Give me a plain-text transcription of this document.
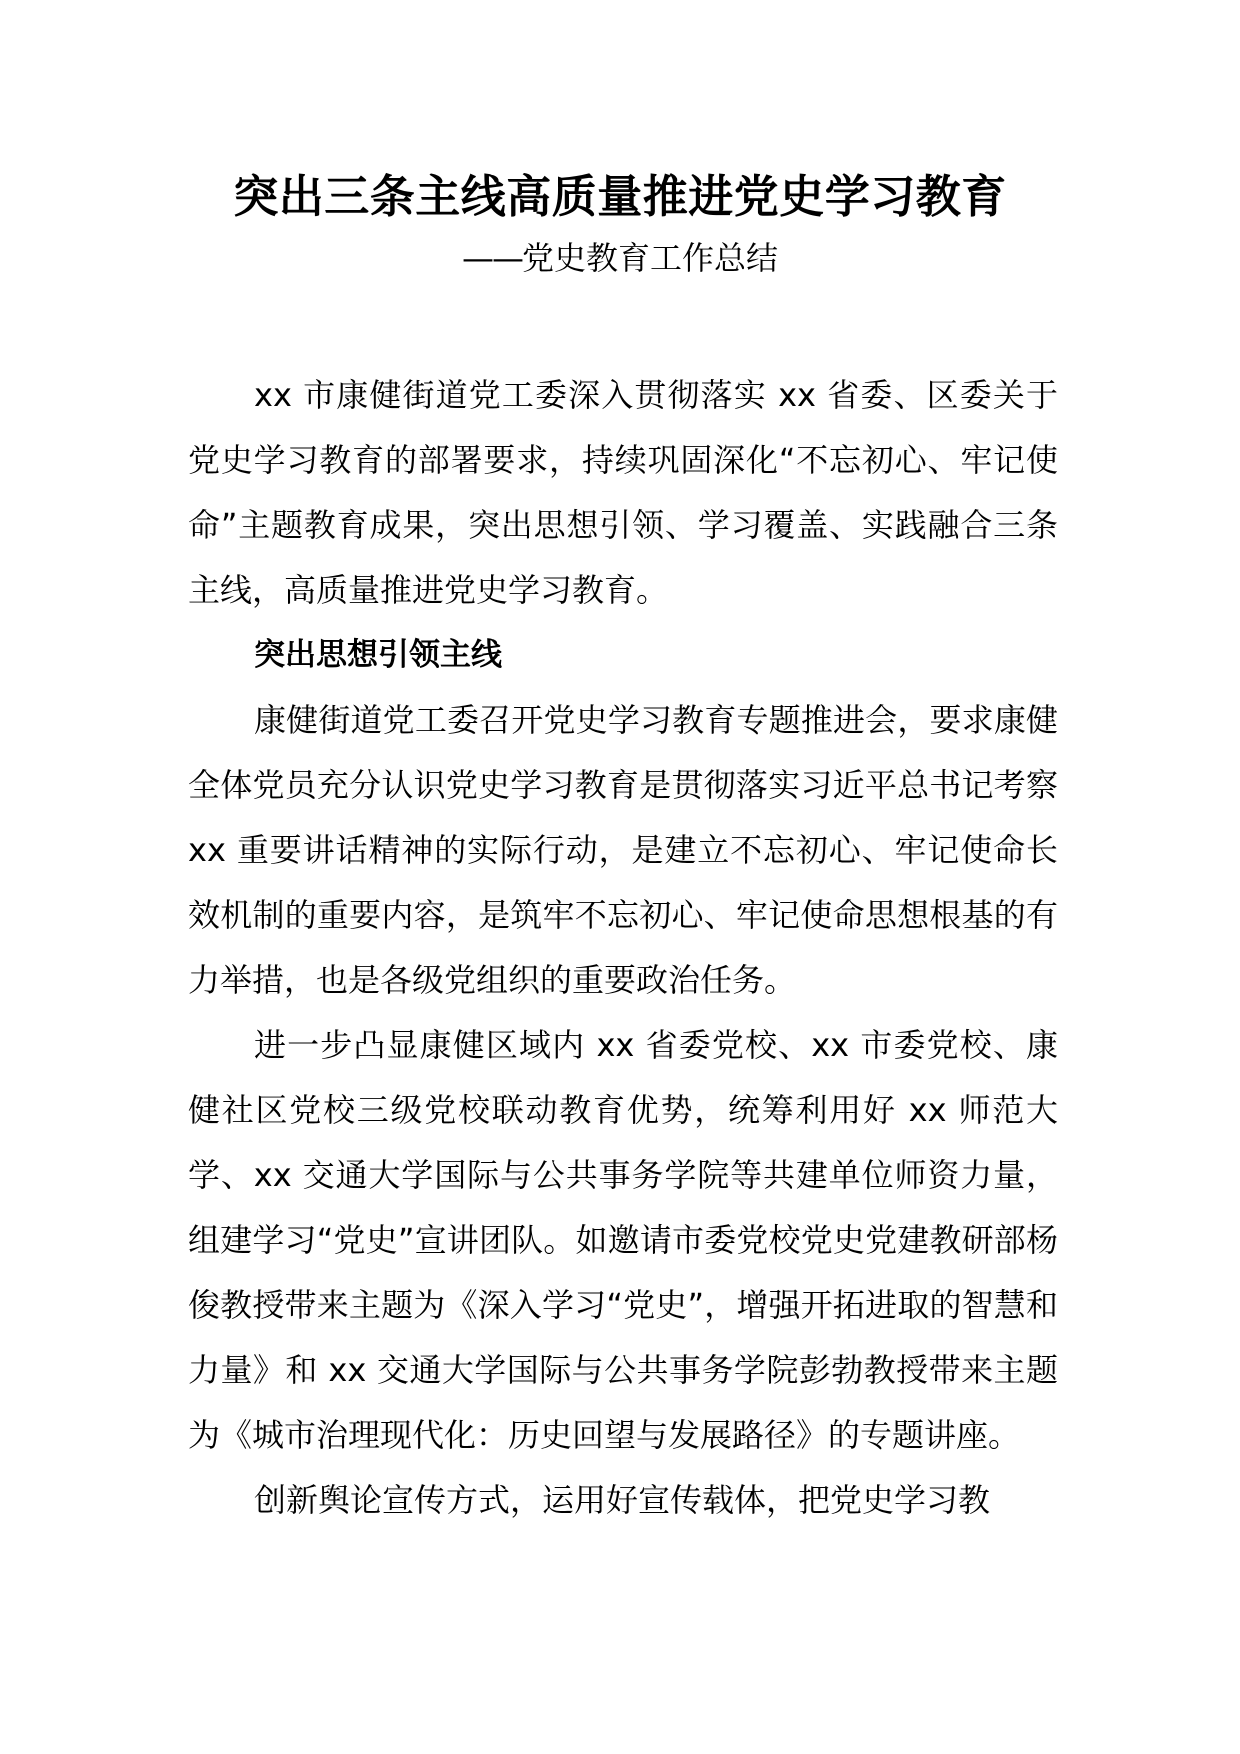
突出三条主线高质量推进党史学习教育
——党史教育工作总结

xx 市康健街道党工委深入贯彻落实 xx 省委、区委关于党史学习教育的部署要求，持续巩固深化“不忘初心、牢记使命”主题教育成果，突出思想引领、学习覆盖、实践融合三条主线，高质量推进党史学习教育。

突出思想引领主线

康健街道党工委召开党史学习教育专题推进会，要求康健全体党员充分认识党史学习教育是贯彻落实习近平总书记考察 xx 重要讲话精神的实际行动，是建立不忘初心、牢记使命长效机制的重要内容，是筑牢不忘初心、牢记使命思想根基的有力举措，也是各级党组织的重要政治任务。

进一步凸显康健区域内 xx 省委党校、xx 市委党校、康健社区党校三级党校联动教育优势，统筹利用好 xx 师范大学、xx 交通大学国际与公共事务学院等共建单位师资力量，组建学习“党史”宣讲团队。如邀请市委党校党史党建教研部杨俊教授带来主题为《深入学习“党史”，增强开拓进取的智慧和力量》和 xx 交通大学国际与公共事务学院彭勃教授带来主题为《城市治理现代化：历史回望与发展路径》的专题讲座。

创新舆论宣传方式，运用好宣传载体，把党史学习教
